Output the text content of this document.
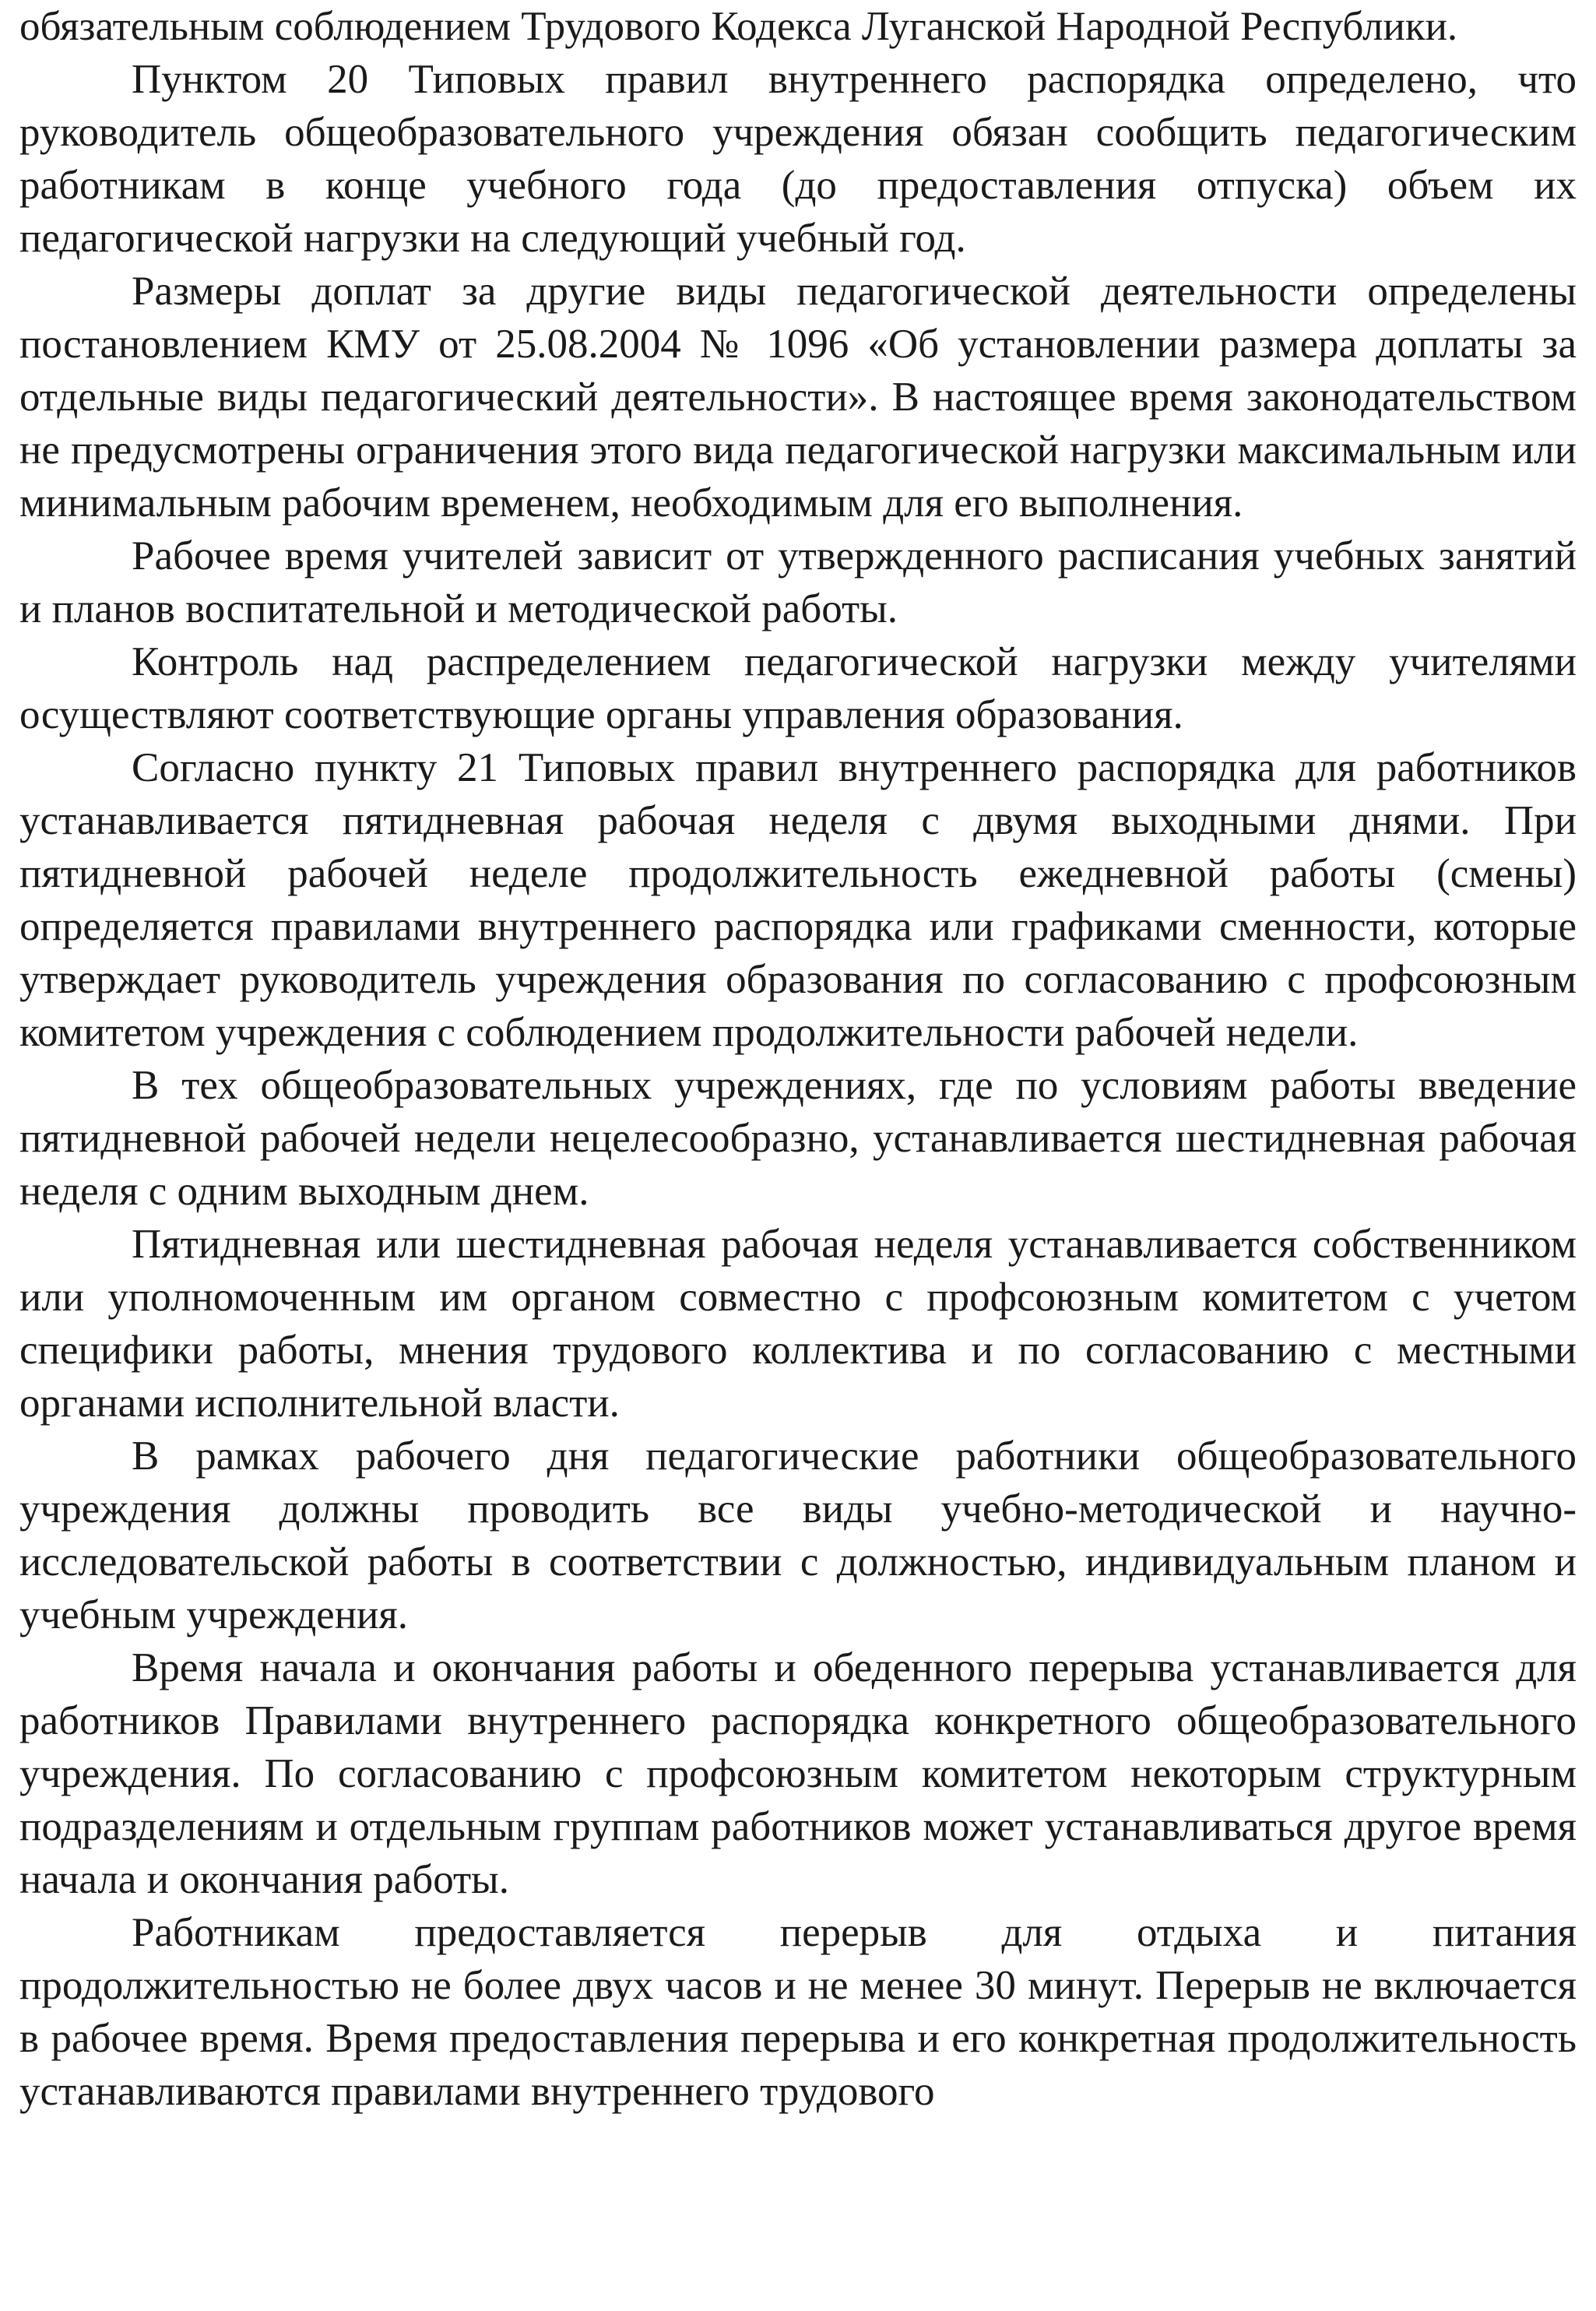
обязательным соблюдением Трудового Кодекса Луганской Народной Республики.

Пунктом 20 Типовых правил внутреннего распорядка определено, что руководитель общеобразовательного учреждения обязан сообщить педагогическим работникам в конце учебного года (до предоставления отпуска) объем их педагогической нагрузки на следующий учебный год.

Размеры доплат за другие виды педагогической деятельности определены постановлением КМУ от 25.08.2004 № 1096 «Об установлении размера доплаты за отдельные виды педагогический деятельности». В настоящее время законодательством не предусмотрены ограничения этого вида педагогической нагрузки максимальным или минимальным рабочим временем, необходимым для его выполнения.

Рабочее время учителей зависит от утвержденного расписания учебных занятий и планов воспитательной и методической работы.

Контроль над распределением педагогической нагрузки между учителями осуществляют соответствующие органы управления образования.

Согласно пункту 21 Типовых правил внутреннего распорядка для работников устанавливается пятидневная рабочая неделя с двумя выходными днями. При пятидневной рабочей неделе продолжительность ежедневной работы (смены) определяется правилами внутреннего распорядка или графиками сменности, которые утверждает руководитель учреждения образования по согласованию с профсоюзным комитетом учреждения с соблюдением продолжительности рабочей недели.

В тех общеобразовательных учреждениях, где по условиям работы введение пятидневной рабочей недели нецелесообразно, устанавливается шестидневная рабочая неделя с одним выходным днем.

Пятидневная или шестидневная рабочая неделя устанавливается собственником или уполномоченным им органом совместно с профсоюзным комитетом с учетом специфики работы, мнения трудового коллектива и по согласованию с местными органами исполнительной власти.

В рамках рабочего дня педагогические работники общеобразовательного учреждения должны проводить все виды учебно-методической и научно-исследовательской работы в соответствии с должностью, индивидуальным планом и учебным учреждения.

Время начала и окончания работы и обеденного перерыва устанавливается для работников Правилами внутреннего распорядка конкретного общеобразовательного учреждения. По согласованию с профсоюзным комитетом некоторым структурным подразделениям и отдельным группам работников может устанавливаться другое время начала и окончания работы.

Работникам предоставляется перерыв для отдыха и питания продолжительностью не более двух часов и не менее 30 минут. Перерыв не включается в рабочее время. Время предоставления перерыва и его конкретная продолжительность устанавливаются правилами внутреннего трудового
